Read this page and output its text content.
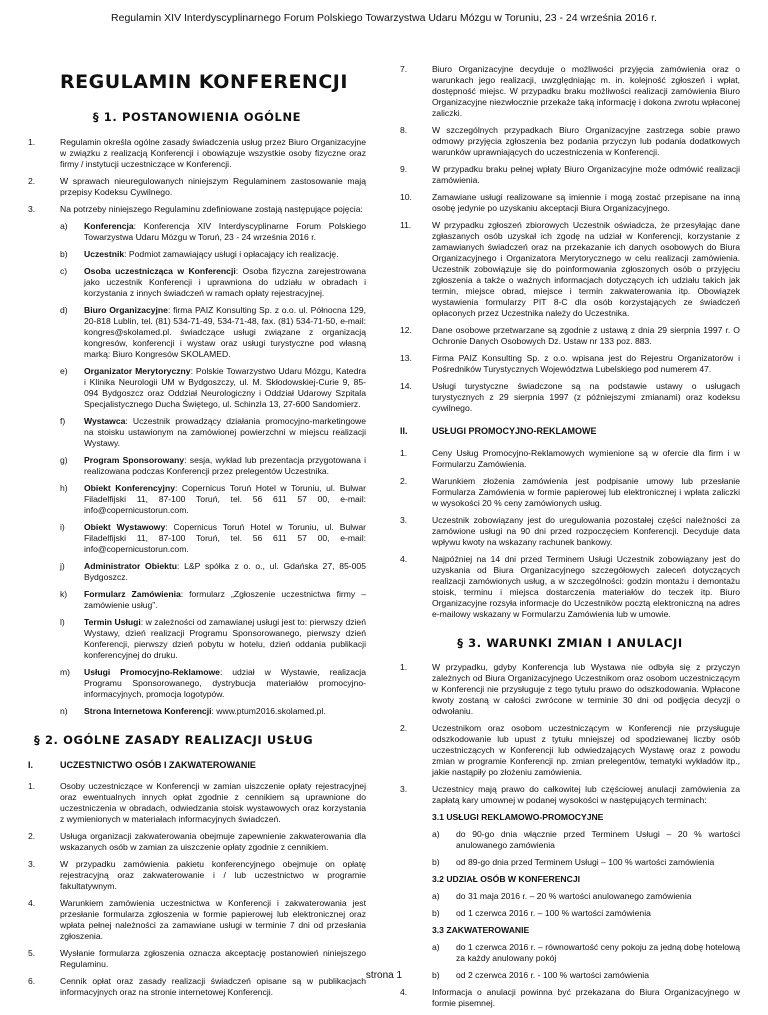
Regulamin XIV Interdyscyplinarnego Forum Polskiego Towarzystwa Udaru Mózgu w Toruniu, 23 - 24 września 2016 r.
REGULAMIN KONFERENCJI
§ 1. POSTANOWIENIA OGÓLNE
1.	Regulamin określa ogólne zasady świadczenia usług przez Biuro Organizacyjne w związku z realizacją Konferencji i obowiązuje wszystkie osoby fizyczne oraz firmy / instytucji uczestniczące w Konferencji.
2.	W sprawach nieuregulowanych niniejszym Regulaminem zastosowanie mają przepisy Kodeksu Cywilnego.
3.	Na potrzeby niniejszego Regulaminu zdefiniowane zostają następujące pojęcia:
a)	Konferencja: Konferencja XIV Interdyscyplinarne Forum Polskiego Towarzystwa Udaru Mózgu w Toruń, 23 - 24 września 2016 r.
b)	Uczestnik: Podmiot zamawiający usługi i opłacający ich realizację.
c)	Osoba uczestnicząca w Konferencji: Osoba fizyczna zarejestrowana jako uczestnik Konferencji i uprawniona do udziału w obradach i korzystania z innych świadczeń w ramach opłaty rejestracyjnej.
d)	Biuro Organizacyjne: firma PAIZ Konsulting Sp. z o.o. ul. Północna 129, 20-818 Lublin, tel. (81) 534-71-49, 534-71-48, fax. (81) 534-71-50, e-mail: kongres@skolamed.pl. świadczące usługi związane z organizacją kongresów, konferencji i wystaw oraz usługi turystyczne pod własną marką: Biuro Kongresów SKOLAMED.
e)	Organizator Merytoryczny: Polskie Towarzystwo Udaru Mózgu, Katedra i Klinika Neurologii UM w Bydgoszczy, ul. M. Skłodowskiej-Curie 9, 85-094 Bydgoszcz oraz Oddział Neurologiczny i Oddział Udarowy Szpitala Specjalistycznego Ducha Świętego, ul. Schinzla 13, 27-600 Sandomierz.
f)	Wystawca: Uczestnik prowadzący działania promocyjno-marketingowe na stoisku ustawionym na zamówionej powierzchni w miejscu realizacji Wystawy.
g)	Program Sponsorowany: sesja, wykład lub prezentacja przygotowana i realizowana podczas Konferencji przez prelegentów Uczestnika.
h)	Obiekt Konferencyjny: Copernicus Toruń Hotel w Toruniu, ul. Bulwar Filadelfijski 11, 87-100 Toruń, tel. 56 611 57 00, e-mail: info@copernicustorun.com.
i)	Obiekt Wystawowy: Copernicus Toruń Hotel w Toruniu, ul. Bulwar Filadelfijski 11, 87-100 Toruń, tel. 56 611 57 00, e-mail: info@copernicustorun.com.
j)	Administrator Obiektu: L&P spółka z o. o., ul. Gdańska 27, 85-005 Bydgoszcz.
k)	Formularz Zamówienia: formularz „Zgłoszenie uczestnictwa firmy – zamówienie usług”.
l)	Termin Usługi: w zależności od zamawianej usługi jest to: pierwszy dzień Wystawy, dzień realizacji Programu Sponsorowanego, pierwszy dzień Konferencji, pierwszy dzień pobytu w hotelu, dzień oddania publikacji konferencyjnej do druku.
m)	Usługi Promocyjno-Reklamowe: udział w Wystawie, realizacja Programu Sponsorowanego, dystrybucja materiałów promocyjno-informacyjnych, promocja logotypów.
n)	Strona Internetowa Konferencji: www.ptum2016.skolamed.pl.
§ 2. OGÓLNE ZASADY REALIZACJI USŁUG
I.	UCZESTNICTWO OSÓB I ZAKWATEROWANIE
1.	Osoby uczestniczące w Konferencji w zamian uiszczenie opłaty rejestracyjnej oraz ewentualnych innych opłat zgodnie z cennikiem są uprawnione do uczestniczenia w obradach, odwiedzania stoisk wystawowych oraz korzystania z wymienionych w materiałach informacyjnych świadczeń.
2.	Usługa organizacji zakwaterowania obejmuje zapewnienie zakwaterowania dla wskazanych osób w zamian za uiszczenie opłaty zgodnie z cennikiem.
3.	W przypadku zamówienia pakietu konferencyjnego obejmuje on opłatę rejestracyjną oraz zakwaterowanie i / lub uczestnictwo w programie fakultatywnym.
4.	Warunkiem zamówienia uczestnictwa w Konferencji i zakwaterowania jest przesłanie formularza zgłoszenia w formie papierowej lub elektronicznej oraz wpłata pełnej należności za zamawiane usługi w terminie 7 dni od przesłania zgłoszenia.
5.	Wysłanie formularza zgłoszenia oznacza akceptację postanowień niniejszego Regulaminu.
6.	Cennik opłat oraz zasady realizacji świadczeń opisane są w publikacjach informacyjnych oraz na stronie internetowej Konferencji.
7.	Biuro Organizacyjne decyduje o możliwości przyjęcia zamówienia oraz o warunkach jego realizacji, uwzględniając m. in. kolejność zgłoszeń i wpłat, dostępność miejsc. W przypadku braku możliwości realizacji zamówienia Biuro Organizacyjne niezwłocznie przekaże taką informację i dokona zwrotu wpłaconej zaliczki.
8.	W szczególnych przypadkach Biuro Organizacyjne zastrzega sobie prawo odmowy przyjęcia zgłoszenia bez podania przyczyn lub podania dodatkowych warunków uprawniających do uczestniczenia w Konferencji.
9.	W przypadku braku pełnej wpłaty Biuro Organizacyjne może odmówić realizacji zamówienia.
10.	Zamawiane usługi realizowane są imiennie i mogą zostać przepisane na inną osobę jedynie po uzyskaniu akceptacji Biura Organizacyjnego.
11.	W przypadku zgłoszeń zbiorowych Uczestnik oświadcza, że przesyłając dane zgłaszanych osób uzyskał ich zgodę na udział w Konferencji, korzystanie z zamawianych świadczeń oraz na przekazanie ich danych osobowych do Biura Organizacyjnego i Organizatora Merytorycznego w celu realizacji zamówienia. Uczestnik zobowiązuje się do poinformowania zgłoszonych osób o przyjęciu zgłoszenia a także o ważnych informacjach dotyczących ich udziału takich jak termin, miejsce obrad, miejsce i termin zakwaterowania itp. Obowiązek wystawienia formularzy PIT 8-C dla osób korzystających ze świadczeń opłaconych przez Uczestnika należy do Uczestnika.
12.	Dane osobowe przetwarzane są zgodnie z ustawą z dnia 29 sierpnia 1997 r. O Ochronie Danych Osobowych Dz. Ustaw nr 133 poz. 883.
13.	Firma PAIZ Konsulting Sp. z o.o. wpisana jest do Rejestru Organizatorów i Pośredników Turystycznych Województwa Lubelskiego pod numerem 47.
14.	Usługi turystyczne świadczone są na podstawie ustawy o usługach turystycznych z 29 sierpnia 1997 (z późniejszymi zmianami) oraz kodeksu cywilnego.
II.	USŁUGI PROMOCYJNO-REKLAMOWE
1.	Ceny Usług Promocyjno-Reklamowych wymienione są w ofercie dla firm i w Formularzu Zamówienia.
2.	Warunkiem złożenia zamówienia jest podpisanie umowy lub przesłanie Formularza Zamówienia w formie papierowej lub elektronicznej i wpłata zaliczki w wysokości 20 % ceny zamówionych usług.
3.	Uczestnik zobowiązany jest do uregulowania pozostałej części należności za zamówione usługi na 90 dni przed rozpoczęciem Konferencji. Decyduje data wpływu kwoty na wskazany rachunek bankowy.
4.	Najpóźniej na 14 dni przed Terminem Usługi Uczestnik zobowiązany jest do uzyskania od Biura Organizacyjnego szczegółowych zaleceń dotyczących realizacji zamówionych usług, a w szczególności: godzin montażu i demontażu stoisk, terminu i miejsca dostarczenia materiałów do teczek itp. Biuro Organizacyjne rozsyła informacje do Uczestników pocztą elektroniczną na adres e-mailowy wskazany w Formularzu Zamówienia lub w umowie.
§ 3. WARUNKI ZMIAN I ANULACJI
1.	W przypadku, gdyby Konferencja lub Wystawa nie odbyła się z przyczyn zależnych od Biura Organizacyjnego Uczestnikom oraz osobom uczestniczącym w Konferencji nie przysługuje z tego tytułu prawo do odszkodowania. Wpłacone kwoty zostaną w całości zwrócone w terminie 30 dni od podjęcia decyzji o odwołaniu.
2.	Uczestnikom oraz osobom uczestniczącym w Konferencji nie przysługuje odszkodowanie lub upust z tytułu mniejszej od spodziewanej liczby osób uczestniczących w Konferencji lub odwiedzających Wystawę oraz z powodu zmian w programie Konferencji np. zmian prelegentów, tematyki wykładów itp., jakie nastąpiły po złożeniu zamówienia.
3.	Uczestnicy mają prawo do całkowitej lub częściowej anulacji zamówienia za zapłatą kary umownej w podanej wysokości w następujących terminach:
3.1 USŁUGI REKLAMOWO-PROMOCYJNE
a)	do 90-go dnia włącznie przed Terminem Usługi – 20 % wartości anulowanego zamówienia
b)	od 89-go dnia przed Terminem Usługi – 100 % wartości zamówienia
3.2 UDZIAŁ OSÓB W KONFERENCJI
a)	do 31 maja 2016 r. – 20 % wartości anulowanego zamówienia
b)	od 1 czerwca 2016 r. – 100 % wartości zamówienia
3.3 ZAKWATEROWANIE
a)	do 1 czerwca 2016 r. – równowartość ceny pokoju za jedną dobę hotelową za każdy anulowany pokój
b)	od 2 czerwca 2016 r. - 100 % wartości zamówienia
4.	Informacja o anulacji powinna być przekazana do Biura Organizacyjnego w formie pisemnej.
strona 1
